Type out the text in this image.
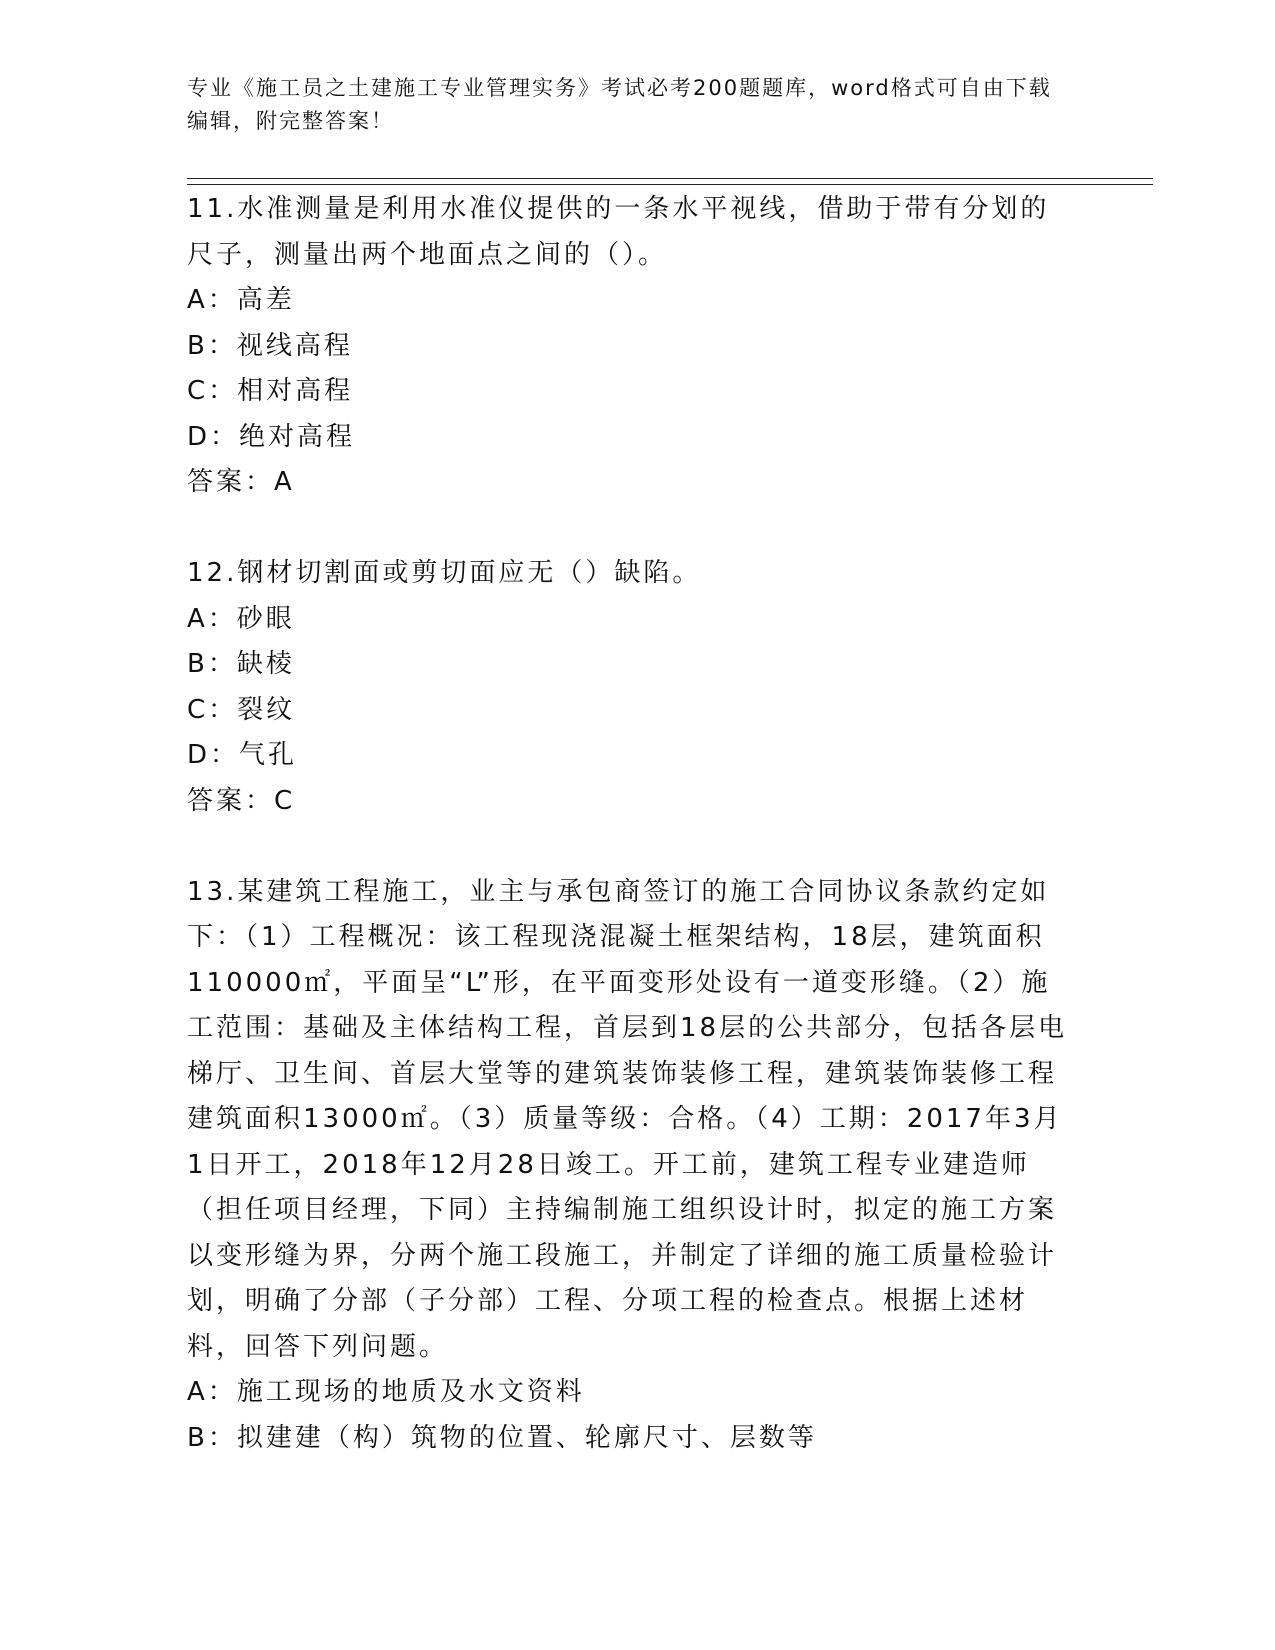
专业《施工员之土建施工专业管理实务》考试必考200题题库，word格式可自由下载编辑，附完整答案！

11.水准测量是利用水准仪提供的一条水平视线，借助于带有分划的尺子，测量出两个地面点之间的（）。

A：高差

B：视线高程

C：相对高程

D：绝对高程

答案：A

12.钢材切割面或剪切面应无（）缺陷。

A：砂眼

B：缺棱

C：裂纹

D：气孔

答案：C

13.某建筑工程施工，业主与承包商签订的施工合同协议条款约定如下：（1）工程概况：该工程现浇混凝土框架结构，18层，建筑面积110000㎡，平面呈“L”形，在平面变形处设有一道变形缝。（2）施工范围：基础及主体结构工程，首层到18层的公共部分，包括各层电梯厅、卫生间、首层大堂等的建筑装饰装修工程，建筑装饰装修工程建筑面积13000㎡。（3）质量等级：合格。（4）工期：2017年3月1日开工，2018年12月28日竣工。开工前，建筑工程专业建造师（担任项目经理，下同）主持编制施工组织设计时，拟定的施工方案以变形缝为界，分两个施工段施工，并制定了详细的施工质量检验计划，明确了分部（子分部）工程、分项工程的检查点。根据上述材料，回答下列问题。

A：施工现场的地质及水文资料

B：拟建建（构）筑物的位置、轮廓尺寸、层数等
